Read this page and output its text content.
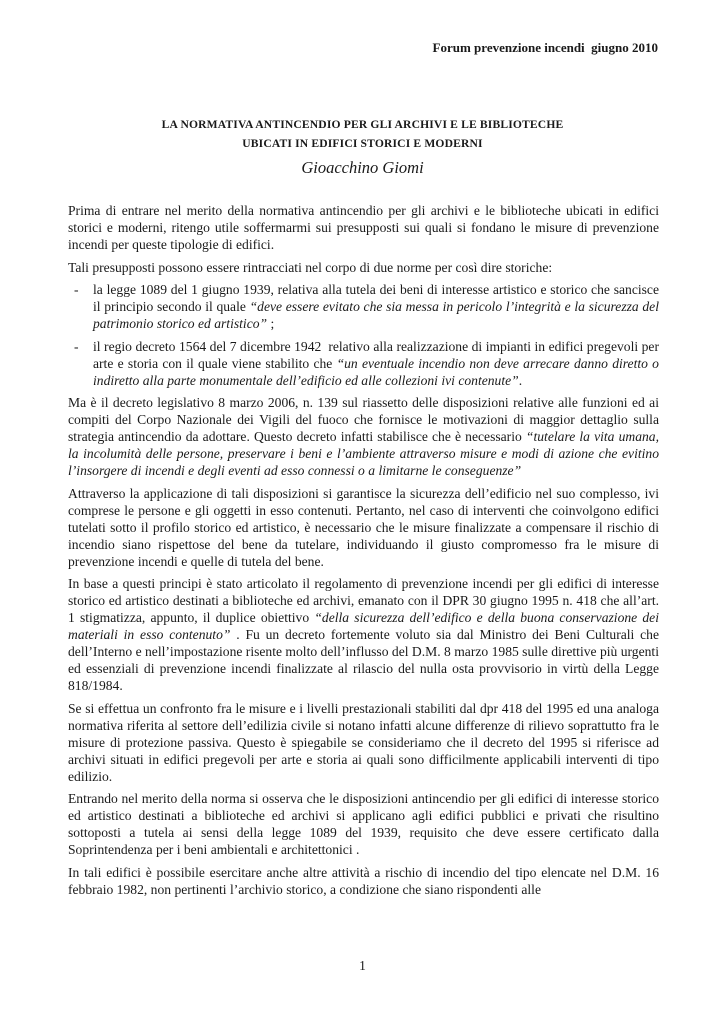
Forum prevenzione incendi  giugno 2010
LA NORMATIVA ANTINCENDIO PER GLI ARCHIVI E LE BIBLIOTECHE
UBICATI IN EDIFICI STORICI E MODERNI
Gioacchino Giomi

Prima di entrare nel merito della normativa antincendio per gli archivi e le biblioteche ubicati in edifici storici e moderni, ritengo utile soffermarmi sui presupposti sui quali si fondano le misure di prevenzione incendi per queste tipologie di edifici.

Tali presupposti possono essere rintracciati nel corpo di due norme per così dire storiche:

- la legge 1089 del 1 giugno 1939, relativa alla tutela dei beni di interesse artistico e storico che sancisce il principio secondo il quale “deve essere evitato che sia messa in pericolo l’integrità e la sicurezza del patrimonio storico ed artistico” ;
- il regio decreto 1564 del 7 dicembre 1942  relativo alla realizzazione di impianti in edifici pregevoli per arte e storia con il quale viene stabilito che “un eventuale incendio non deve arrecare danno diretto o indiretto alla parte monumentale dell’edificio ed alle collezioni ivi contenute”.

Ma è il decreto legislativo 8 marzo 2006, n. 139 sul riassetto delle disposizioni relative alle funzioni ed ai compiti del Corpo Nazionale dei Vigili del fuoco che fornisce le motivazioni di maggior dettaglio sulla strategia antincendio da adottare. Questo decreto infatti stabilisce che è necessario “tutelare la vita umana, la incolumità delle persone, preservare i beni e l’ambiente attraverso misure e modi di azione che evitino l’insorgere di incendi e degli eventi ad esso connessi o a limitarne le conseguenze”

Attraverso la applicazione di tali disposizioni si garantisce la sicurezza dell’edificio nel suo complesso, ivi comprese le persone e gli oggetti in esso contenuti. Pertanto, nel caso di interventi che coinvolgono edifici tutelati sotto il profilo storico ed artistico, è necessario che le misure finalizzate a compensare il rischio di incendio siano rispettose del bene da tutelare, individuando il giusto compromesso fra le misure di prevenzione incendi e quelle di tutela del bene.

In base a questi principi è stato articolato il regolamento di prevenzione incendi per gli edifici di interesse storico ed artistico destinati a biblioteche ed archivi, emanato con il DPR 30 giugno 1995 n. 418 che all’art. 1 stigmatizza, appunto, il duplice obiettivo “della sicurezza dell’edifico e della buona conservazione dei materiali in esso contenuto” . Fu un decreto fortemente voluto sia dal Ministro dei Beni Culturali che dell’Interno e nell’impostazione risente molto dell’influsso del D.M. 8 marzo 1985 sulle direttive più urgenti ed essenziali di prevenzione incendi finalizzate al rilascio del nulla osta provvisorio in virtù della Legge 818/1984.

Se si effettua un confronto fra le misure e i livelli prestazionali stabiliti dal dpr 418 del 1995 ed una analoga normativa riferita al settore dell’edilizia civile si notano infatti alcune differenze di rilievo soprattutto fra le misure di protezione passiva. Questo è spiegabile se consideriamo che il decreto del 1995 si riferisce ad archivi situati in edifici pregevoli per arte e storia ai quali sono difficilmente applicabili interventi di tipo edilizio.

Entrando nel merito della norma si osserva che le disposizioni antincendio per gli edifici di interesse storico ed artistico destinati a biblioteche ed archivi si applicano agli edifici pubblici e privati che risultino sottoposti a tutela ai sensi della legge 1089 del 1939, requisito che deve essere certificato dalla Soprintendenza per i beni ambientali e architettonici .

In tali edifici è possibile esercitare anche altre attività a rischio di incendio del tipo elencate nel D.M. 16 febbraio 1982, non pertinenti l’archivio storico, a condizione che siano rispondenti alle

1
